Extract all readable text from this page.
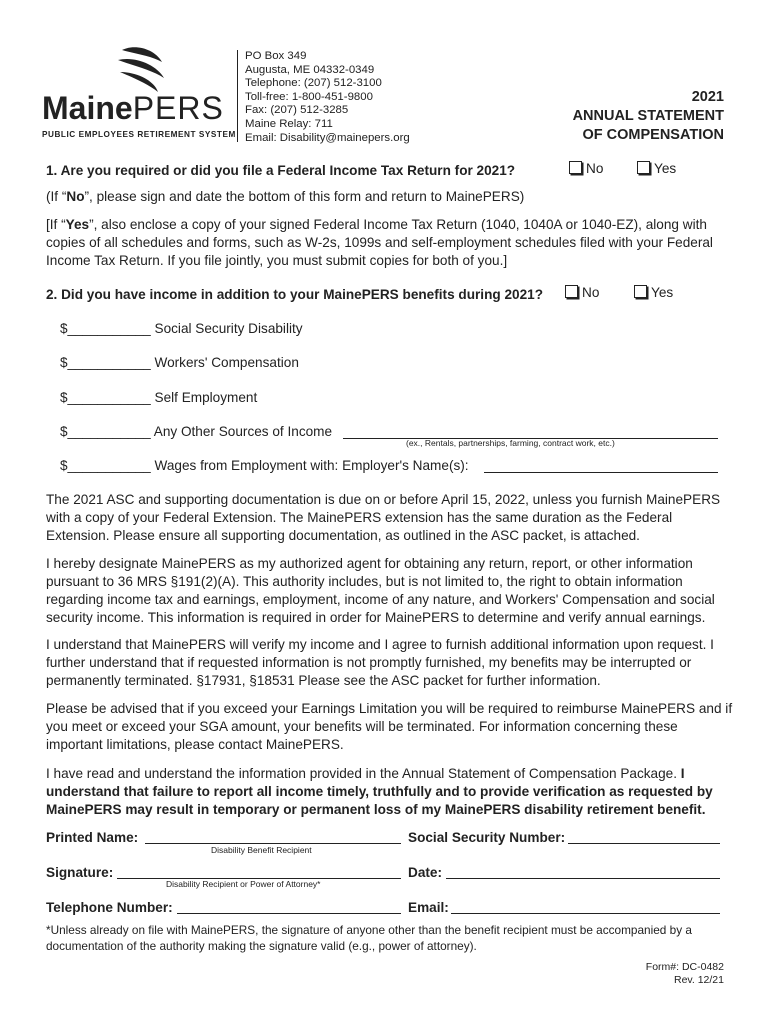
MainePERS
PUBLIC EMPLOYEES RETIREMENT SYSTEM
PO Box 349
Augusta, ME 04332-0349
Telephone: (207) 512-3100
Toll-free: 1-800-451-9800
Fax: (207) 512-3285
Maine Relay: 711
Email: Disability@mainepers.org
2021
ANNUAL STATEMENT
OF COMPENSATION
1. Are you required or did you file a Federal Income Tax Return for 2021?	No	Yes
(If “No”, please sign and date the bottom of this form and return to MainePERS)
[If “Yes”, also enclose a copy of your signed Federal Income Tax Return (1040, 1040A or 1040-EZ), along with copies of all schedules and forms, such as W-2s, 1099s and self-employment schedules filed with your Federal Income Tax Return. If you file jointly, you must submit copies for both of you.]
2. Did you have income in addition to your MainePERS benefits during 2021?	No	Yes
$___________ Social Security Disability
$___________ Workers' Compensation
$___________ Self Employment
$___________ Any Other Sources of Income
(ex., Rentals, partnerships, farming, contract work, etc.)
$___________ Wages from Employment with: Employer's Name(s):
The 2021 ASC and supporting documentation is due on or before April 15, 2022, unless you furnish MainePERS with a copy of your Federal Extension. The MainePERS extension has the same duration as the Federal Extension. Please ensure all supporting documentation, as outlined in the ASC packet, is attached.
I hereby designate MainePERS as my authorized agent for obtaining any return, report, or other information pursuant to 36 MRS §191(2)(A). This authority includes, but is not limited to, the right to obtain information regarding income tax and earnings, employment, income of any nature, and Workers' Compensation and social security income. This information is required in order for MainePERS to determine and verify annual earnings.
I understand that MainePERS will verify my income and I agree to furnish additional information upon request. I further understand that if requested information is not promptly furnished, my benefits may be interrupted or permanently terminated. §17931, §18531 Please see the ASC packet for further information.
Please be advised that if you exceed your Earnings Limitation you will be required to reimburse MainePERS and if you meet or exceed your SGA amount, your benefits will be terminated. For information concerning these important limitations, please contact MainePERS.
I have read and understand the information provided in the Annual Statement of Compensation Package. I understand that failure to report all income timely, truthfully and to provide verification as requested by MainePERS may result in temporary or permanent loss of my MainePERS disability retirement benefit.
Printed Name:
Disability Benefit Recipient
Social Security Number:
Signature:
Disability Recipient or Power of Attorney*
Date:
Telephone Number:	Email:
*Unless already on file with MainePERS, the signature of anyone other than the benefit recipient must be accompanied by a documentation of the authority making the signature valid (e.g., power of attorney).
Form#: DC-0482
Rev. 12/21
